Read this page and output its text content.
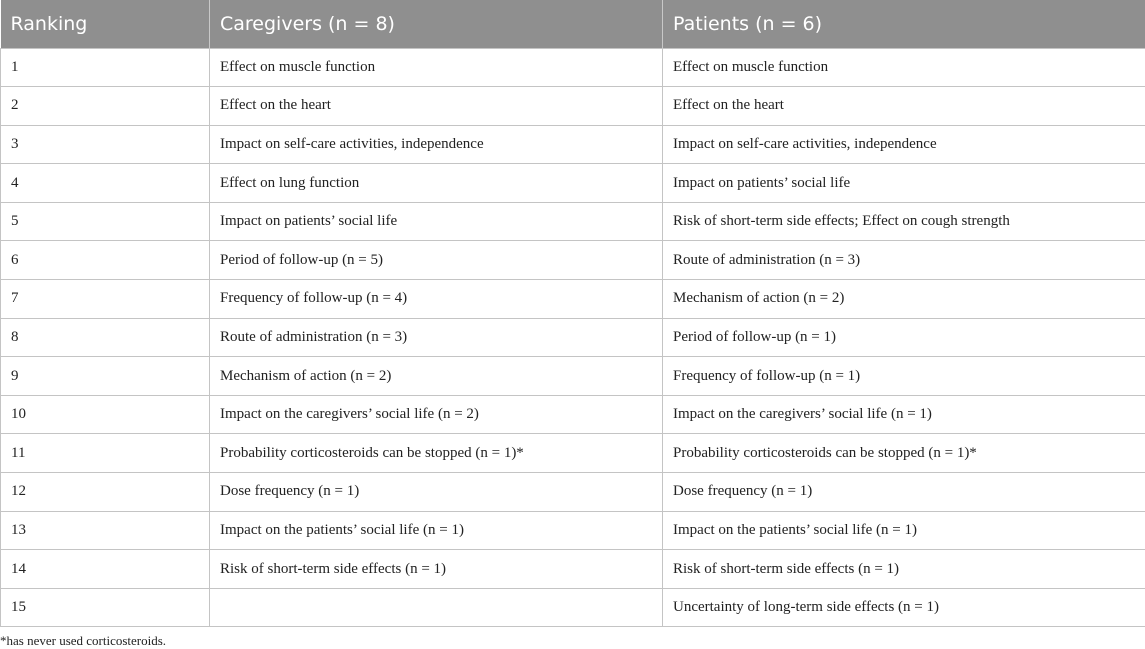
Ranking	Caregivers (n = 8)	Patients (n = 6)
1	Effect on muscle function	Effect on muscle function
2	Effect on the heart	Effect on the heart
3	Impact on self-care activities, independence	Impact on self-care activities, independence
4	Effect on lung function	Impact on patients’ social life
5	Impact on patients’ social life	Risk of short-term side effects; Effect on cough strength
6	Period of follow-up (n = 5)	Route of administration (n = 3)
7	Frequency of follow-up (n = 4)	Mechanism of action (n = 2)
8	Route of administration (n = 3)	Period of follow-up (n = 1)
9	Mechanism of action (n = 2)	Frequency of follow-up (n = 1)
10	Impact on the caregivers’ social life (n = 2)	Impact on the caregivers’ social life (n = 1)
11	Probability corticosteroids can be stopped (n = 1)*	Probability corticosteroids can be stopped (n = 1)*
12	Dose frequency (n = 1)	Dose frequency (n = 1)
13	Impact on the patients’ social life (n = 1)	Impact on the patients’ social life (n = 1)
14	Risk of short-term side effects (n = 1)	Risk of short-term side effects (n = 1)
15		Uncertainty of long-term side effects (n = 1)
*has never used corticosteroids.
